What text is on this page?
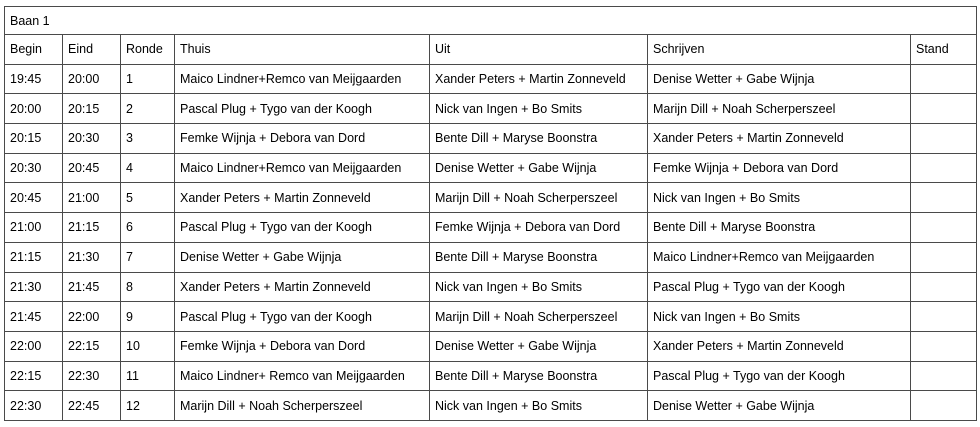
Baan 1						
Begin	Eind	Ronde	Thuis	Uit	Schrijven	Stand
19:45	20:00	1	Maico Lindner+Remco van Meijgaarden	Xander Peters + Martin Zonneveld	Denise Wetter + Gabe Wijnja	
20:00	20:15	2	Pascal Plug + Tygo van der Koogh	Nick van Ingen + Bo Smits	Marijn Dill + Noah Scherperszeel	
20:15	20:30	3	Femke Wijnja + Debora van Dord	Bente Dill + Maryse Boonstra	Xander Peters + Martin Zonneveld	
20:30	20:45	4	Maico Lindner+Remco van Meijgaarden	Denise Wetter + Gabe Wijnja	Femke Wijnja + Debora van Dord	
20:45	21:00	5	Xander Peters + Martin Zonneveld	Marijn Dill + Noah Scherperszeel	Nick van Ingen + Bo Smits	
21:00	21:15	6	Pascal Plug + Tygo van der Koogh	Femke Wijnja + Debora van Dord	Bente Dill + Maryse Boonstra	
21:15	21:30	7	Denise Wetter + Gabe Wijnja	Bente Dill + Maryse Boonstra	Maico Lindner+Remco van Meijgaarden	
21:30	21:45	8	Xander Peters + Martin Zonneveld	Nick van Ingen + Bo Smits	Pascal Plug + Tygo van der Koogh	
21:45	22:00	9	Pascal Plug + Tygo van der Koogh	Marijn Dill + Noah Scherperszeel	Nick van Ingen + Bo Smits	
22:00	22:15	10	Femke Wijnja + Debora van Dord	Denise Wetter + Gabe Wijnja	Xander Peters + Martin Zonneveld	
22:15	22:30	11	Maico Lindner+ Remco van Meijgaarden	Bente Dill + Maryse Boonstra	Pascal Plug + Tygo van der Koogh	
22:30	22:45	12	Marijn Dill + Noah Scherperszeel	Nick van Ingen + Bo Smits	Denise Wetter + Gabe Wijnja	
